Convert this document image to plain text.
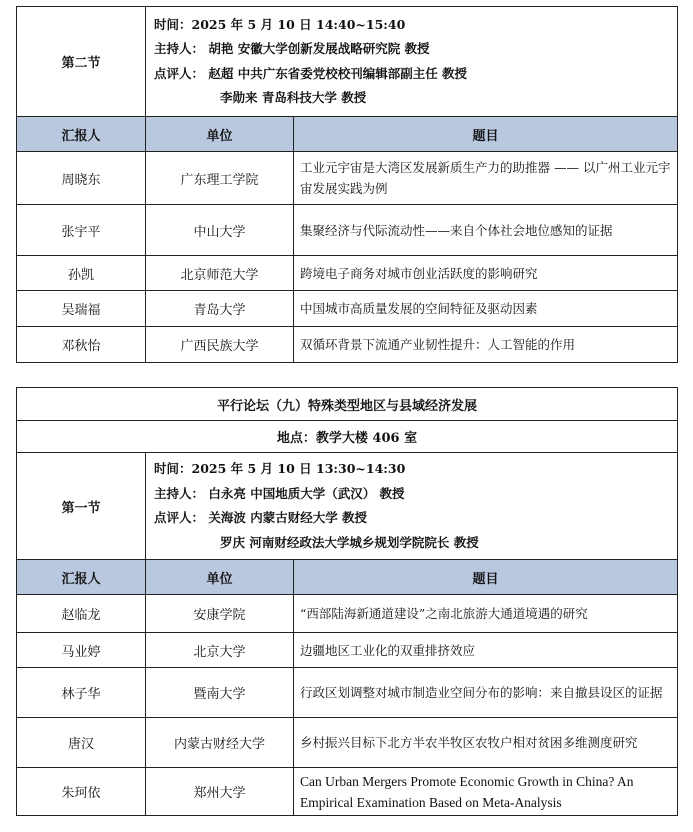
第二节	时间：2025 年 5 月 10 日 14:40~15:40
主持人： 胡艳 安徽大学创新发展战略研究院 教授
点评人： 赵超 中共广东省委党校校刊编辑部副主任 教授
李勋来 青岛科技大学 教授	

汇报人	单位	题目
周晓东	广东理工学院	工业元宇宙是大湾区发展新质生产力的助推器 —— 以广州工业元宇宙发展实践为例
张宇平	中山大学	集聚经济与代际流动性——来自个体社会地位感知的证据
孙凯	北京师范大学	跨境电子商务对城市创业活跃度的影响研究
吴瑞福	青岛大学	中国城市高质量发展的空间特征及驱动因素
邓秋怡	广西民族大学	双循环背景下流通产业韧性提升：人工智能的作用
平行论坛（九）特殊类型地区与县域经济发展		
地点：教学大楼 406 室		
第一节	时间：2025 年 5 月 10 日 13:30~14:30
主持人： 白永亮 中国地质大学（武汉） 教授
点评人： 关海波 内蒙古财经大学 教授
罗庆 河南财经政法大学城乡规划学院院长 教授	

汇报人	单位	题目
赵临龙	安康学院	“西部陆海新通道建设”之南北旅游大通道境遇的研究
马业婷	北京大学	边疆地区工业化的双重排挤效应
林子华	暨南大学	行政区划调整对城市制造业空间分布的影响：来自撤县设区的证据
唐汉	内蒙古财经大学	乡村振兴目标下北方半农半牧区农牧户相对贫困多维测度研究
朱珂依	郑州大学	Can Urban Mergers Promote Economic Growth in China? An Empirical Examination Based on Meta-Analysis
